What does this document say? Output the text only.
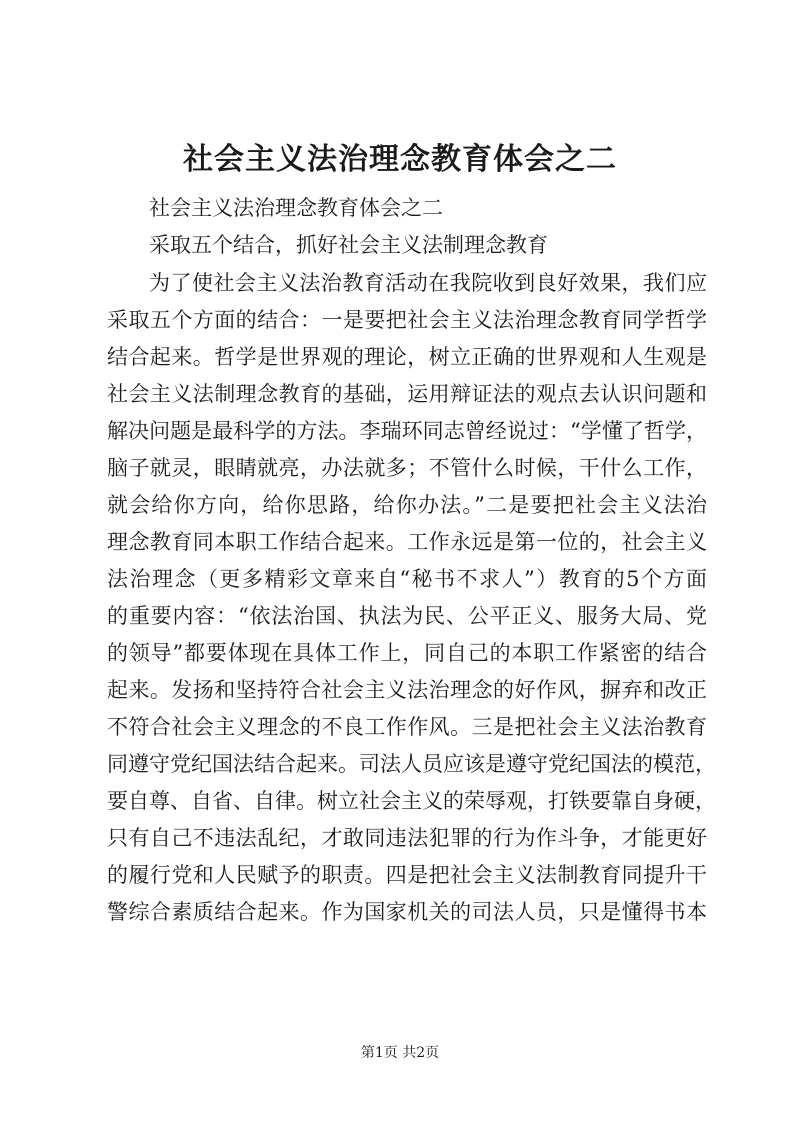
社会主义法治理念教育体会之二

社会主义法治理念教育体会之二

采取五个结合，抓好社会主义法制理念教育

为了使社会主义法治教育活动在我院收到良好效果，我们应

采取五个方面的结合：一是要把社会主义法治理念教育同学哲学

结合起来。哲学是世界观的理论，树立正确的世界观和人生观是

社会主义法制理念教育的基础，运用辩证法的观点去认识问题和

解决问题是最科学的方法。李瑞环同志曾经说过：“学懂了哲学，

脑子就灵，眼睛就亮，办法就多；不管什么时候，干什么工作，

就会给你方向，给你思路，给你办法。”二是要把社会主义法治

理念教育同本职工作结合起来。工作永远是第一位的，社会主义

法治理念（更多精彩文章来自“秘书不求人”）教育的5个方面

的重要内容：“依法治国、执法为民、公平正义、服务大局、党

的领导”都要体现在具体工作上，同自己的本职工作紧密的结合

起来。发扬和坚持符合社会主义法治理念的好作风，摒弃和改正

不符合社会主义理念的不良工作作风。三是把社会主义法治教育

同遵守党纪国法结合起来。司法人员应该是遵守党纪国法的模范，

要自尊、自省、自律。树立社会主义的荣辱观，打铁要靠自身硬，

只有自己不违法乱纪，才敢同违法犯罪的行为作斗争，才能更好

的履行党和人民赋予的职责。四是把社会主义法制教育同提升干

警综合素质结合起来。作为国家机关的司法人员，只是懂得书本

第1页 共2页
